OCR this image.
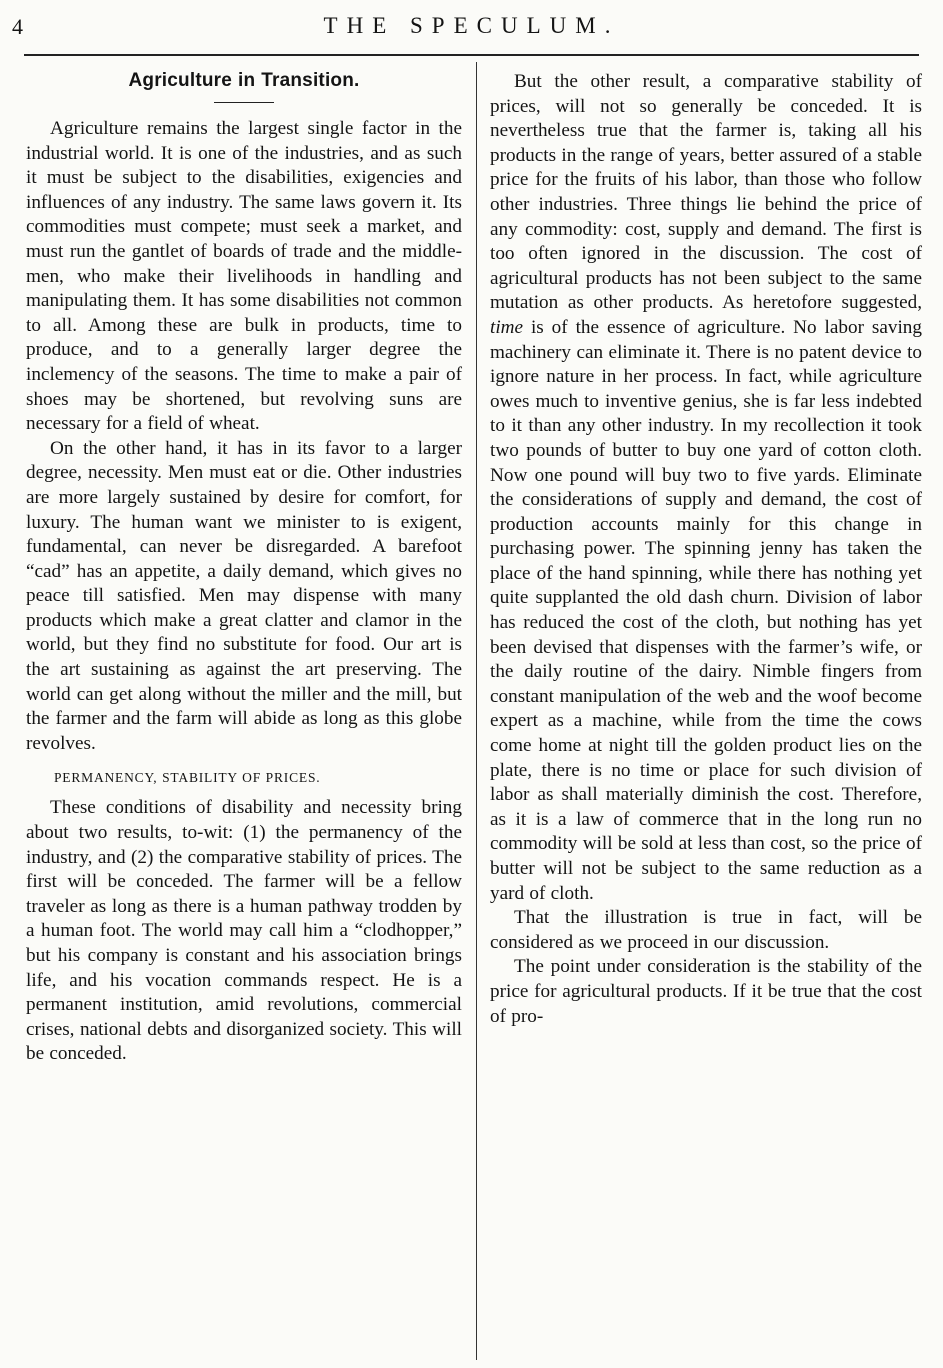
4	THE SPECULUM.
Agriculture in Transition.

Agriculture remains the largest single factor in the industrial world. It is one of the industries, and as such it must be subject to the disabilities, exigencies and influences of any industry. The same laws govern it. Its commodities must compete; must seek a market, and must run the gantlet of boards of trade and the middle-men, who make their livelihoods in handling and manipulating them. It has some disabilities not common to all. Among these are bulk in products, time to produce, and to a generally larger degree the inclemency of the seasons. The time to make a pair of shoes may be shortened, but revolving suns are necessary for a field of wheat.

On the other hand, it has in its favor to a larger degree, necessity. Men must eat or die. Other industries are more largely sustained by desire for comfort, for luxury. The human want we minister to is exigent, fundamental, can never be disregarded. A barefoot “cad” has an appetite, a daily demand, which gives no peace till satisfied. Men may dispense with many products which make a great clatter and clamor in the world, but they find no substitute for food. Our art is the art sustaining as against the art preserving. The world can get along without the miller and the mill, but the farmer and the farm will abide as long as this globe revolves.

PERMANENCY, STABILITY OF PRICES.

These conditions of disability and necessity bring about two results, to-wit: (1) the permanency of the industry, and (2) the comparative stability of prices. The first will be conceded. The farmer will be a fellow traveler as long as there is a human pathway trodden by a human foot. The world may call him a “clodhopper,” but his company is constant and his association brings life, and his vocation commands respect. He is a permanent institution, amid revolutions, commercial crises, national debts and disorganized society. This will be conceded.

But the other result, a comparative stability of prices, will not so generally be conceded. It is nevertheless true that the farmer is, taking all his products in the range of years, better assured of a stable price for the fruits of his labor, than those who follow other industries. Three things lie behind the price of any commodity: cost, supply and demand. The first is too often ignored in the discussion. The cost of agricultural products has not been subject to the same mutation as other products. As heretofore suggested, time is of the essence of agriculture. No labor saving machinery can eliminate it. There is no patent device to ignore nature in her process. In fact, while agriculture owes much to inventive genius, she is far less indebted to it than any other industry. In my recollection it took two pounds of butter to buy one yard of cotton cloth. Now one pound will buy two to five yards. Eliminate the considerations of supply and demand, the cost of production accounts mainly for this change in purchasing power. The spinning jenny has taken the place of the hand spinning, while there has nothing yet quite supplanted the old dash churn. Division of labor has reduced the cost of the cloth, but nothing has yet been devised that dispenses with the farmer’s wife, or the daily routine of the dairy. Nimble fingers from constant manipulation of the web and the woof become expert as a machine, while from the time the cows come home at night till the golden product lies on the plate, there is no time or place for such division of labor as shall materially diminish the cost. Therefore, as it is a law of commerce that in the long run no commodity will be sold at less than cost, so the price of butter will not be subject to the same reduction as a yard of cloth.

That the illustration is true in fact, will be considered as we proceed in our discussion.

The point under consideration is the stability of the price for agricultural products. If it be true that the cost of pro-
